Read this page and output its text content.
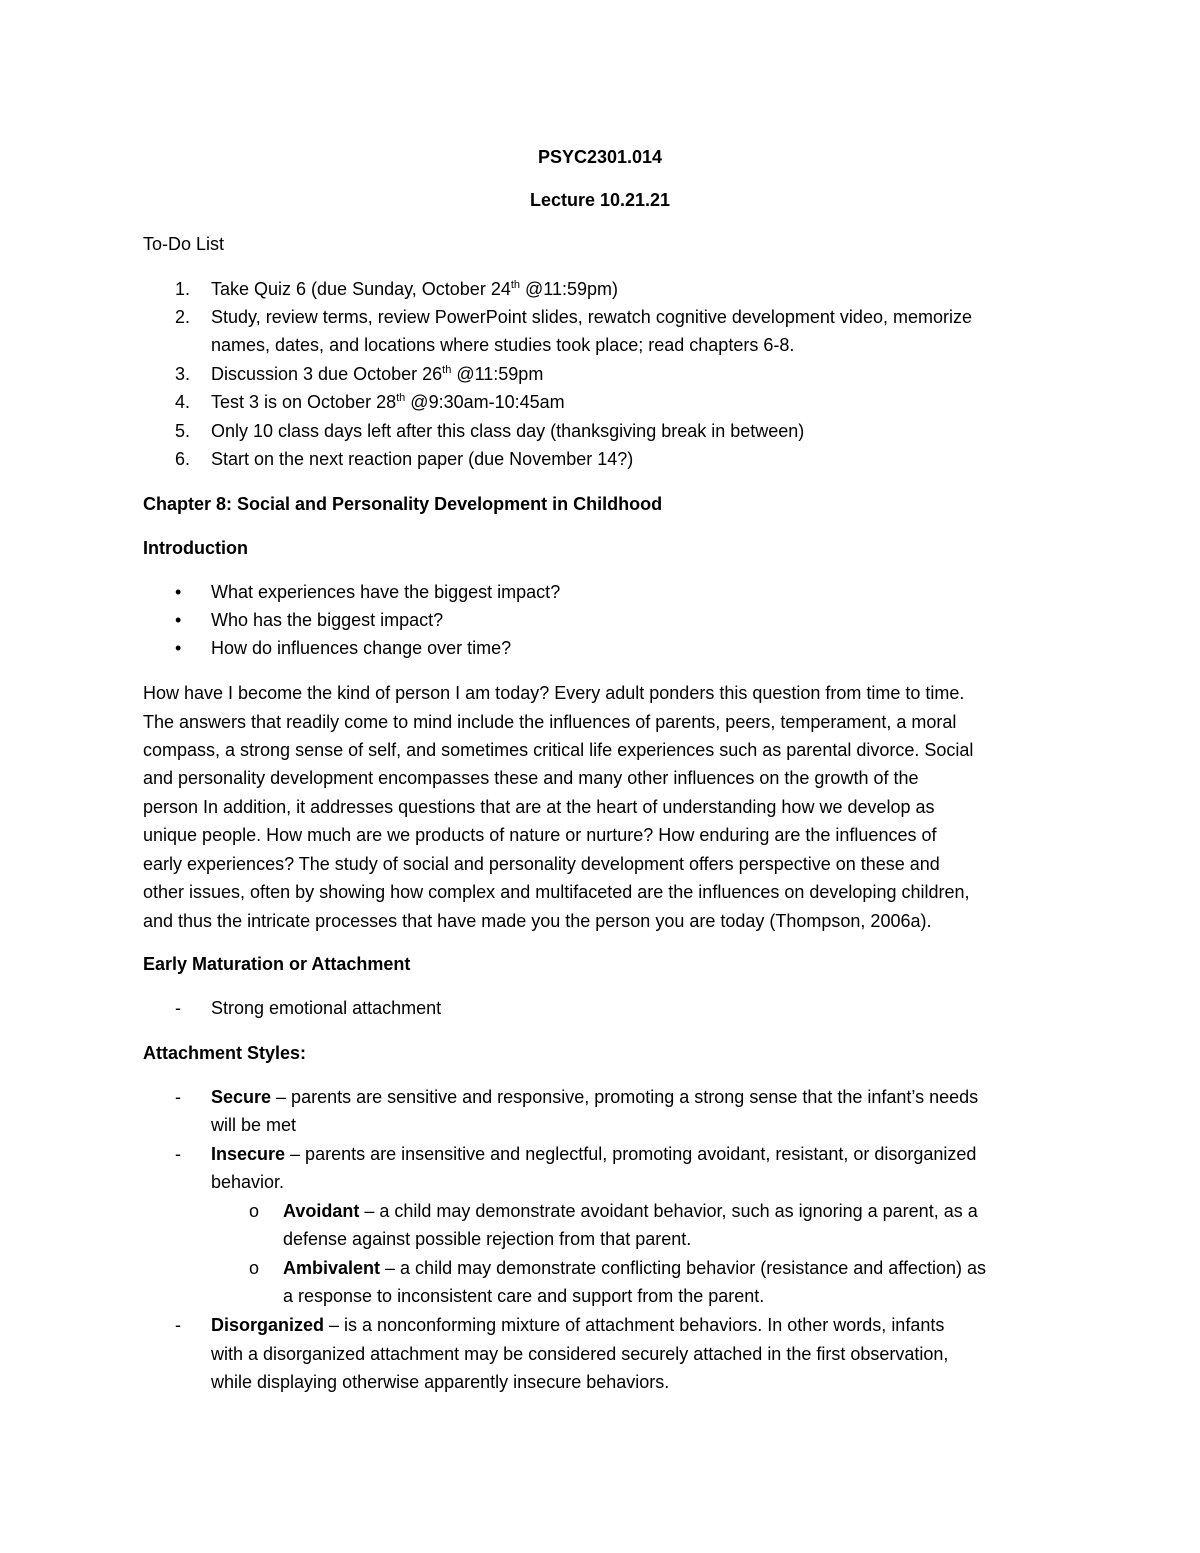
PSYC2301.014
Lecture 10.21.21
To-Do List
1. Take Quiz 6 (due Sunday, October 24th @11:59pm)
2. Study, review terms, review PowerPoint slides, rewatch cognitive development video, memorize
names, dates, and locations where studies took place; read chapters 6-8.
3. Discussion 3 due October 26th @11:59pm
4. Test 3 is on October 28th @9:30am-10:45am
5. Only 10 class days left after this class day (thanksgiving break in between)
6. Start on the next reaction paper (due November 14?)
Chapter 8: Social and Personality Development in Childhood
Introduction
• What experiences have the biggest impact?
• Who has the biggest impact?
• How do influences change over time?
How have I become the kind of person I am today? Every adult ponders this question from time to time.
The answers that readily come to mind include the influences of parents, peers, temperament, a moral
compass, a strong sense of self, and sometimes critical life experiences such as parental divorce. Social
and personality development encompasses these and many other influences on the growth of the
person In addition, it addresses questions that are at the heart of understanding how we develop as
unique people. How much are we products of nature or nurture? How enduring are the influences of
early experiences? The study of social and personality development offers perspective on these and
other issues, often by showing how complex and multifaceted are the influences on developing children,
and thus the intricate processes that have made you the person you are today (Thompson, 2006a).
Early Maturation or Attachment
- Strong emotional attachment
Attachment Styles:
- Secure – parents are sensitive and responsive, promoting a strong sense that the infant’s needs
will be met
- Insecure – parents are insensitive and neglectful, promoting avoidant, resistant, or disorganized
behavior.
o Avoidant – a child may demonstrate avoidant behavior, such as ignoring a parent, as a
defense against possible rejection from that parent.
o Ambivalent – a child may demonstrate conflicting behavior (resistance and affection) as
a response to inconsistent care and support from the parent.
- Disorganized – is a nonconforming mixture of attachment behaviors. In other words, infants
with a disorganized attachment may be considered securely attached in the first observation,
while displaying otherwise apparently insecure behaviors.
